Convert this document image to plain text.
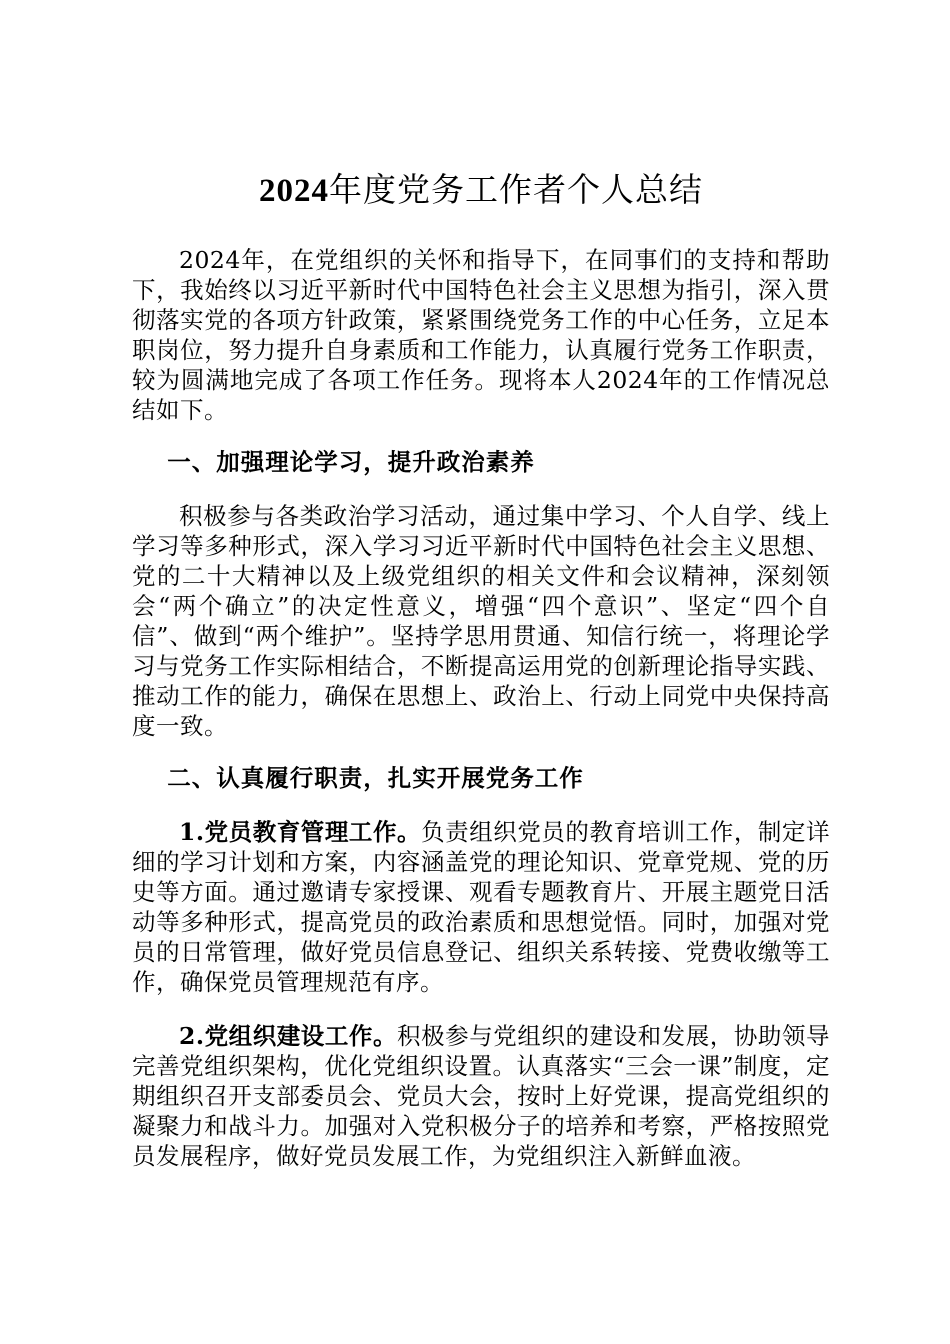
2024年度党务工作者个人总结

2024年，在党组织的关怀和指导下，在同事们的支持和帮助下，我始终以习近平新时代中国特色社会主义思想为指引，深入贯彻落实党的各项方针政策，紧紧围绕党务工作的中心任务，立足本职岗位，努力提升自身素质和工作能力，认真履行党务工作职责，较为圆满地完成了各项工作任务。现将本人2024年的工作情况总结如下。

一、加强理论学习，提升政治素养

积极参与各类政治学习活动，通过集中学习、个人自学、线上学习等多种形式，深入学习习近平新时代中国特色社会主义思想、党的二十大精神以及上级党组织的相关文件和会议精神，深刻领会“两个确立”的决定性意义，增强“四个意识”、坚定“四个自信”、做到“两个维护”。坚持学思用贯通、知信行统一，将理论学习与党务工作实际相结合，不断提高运用党的创新理论指导实践、推动工作的能力，确保在思想上、政治上、行动上同党中央保持高度一致。

二、认真履行职责，扎实开展党务工作

1.党员教育管理工作。负责组织党员的教育培训工作，制定详细的学习计划和方案，内容涵盖党的理论知识、党章党规、党的历史等方面。通过邀请专家授课、观看专题教育片、开展主题党日活动等多种形式，提高党员的政治素质和思想觉悟。同时，加强对党员的日常管理，做好党员信息登记、组织关系转接、党费收缴等工作，确保党员管理规范有序。

2.党组织建设工作。积极参与党组织的建设和发展，协助领导完善党组织架构，优化党组织设置。认真落实“三会一课”制度，定期组织召开支部委员会、党员大会，按时上好党课，提高党组织的凝聚力和战斗力。加强对入党积极分子的培养和考察，严格按照党员发展程序，做好党员发展工作，为党组织注入新鲜血液。
